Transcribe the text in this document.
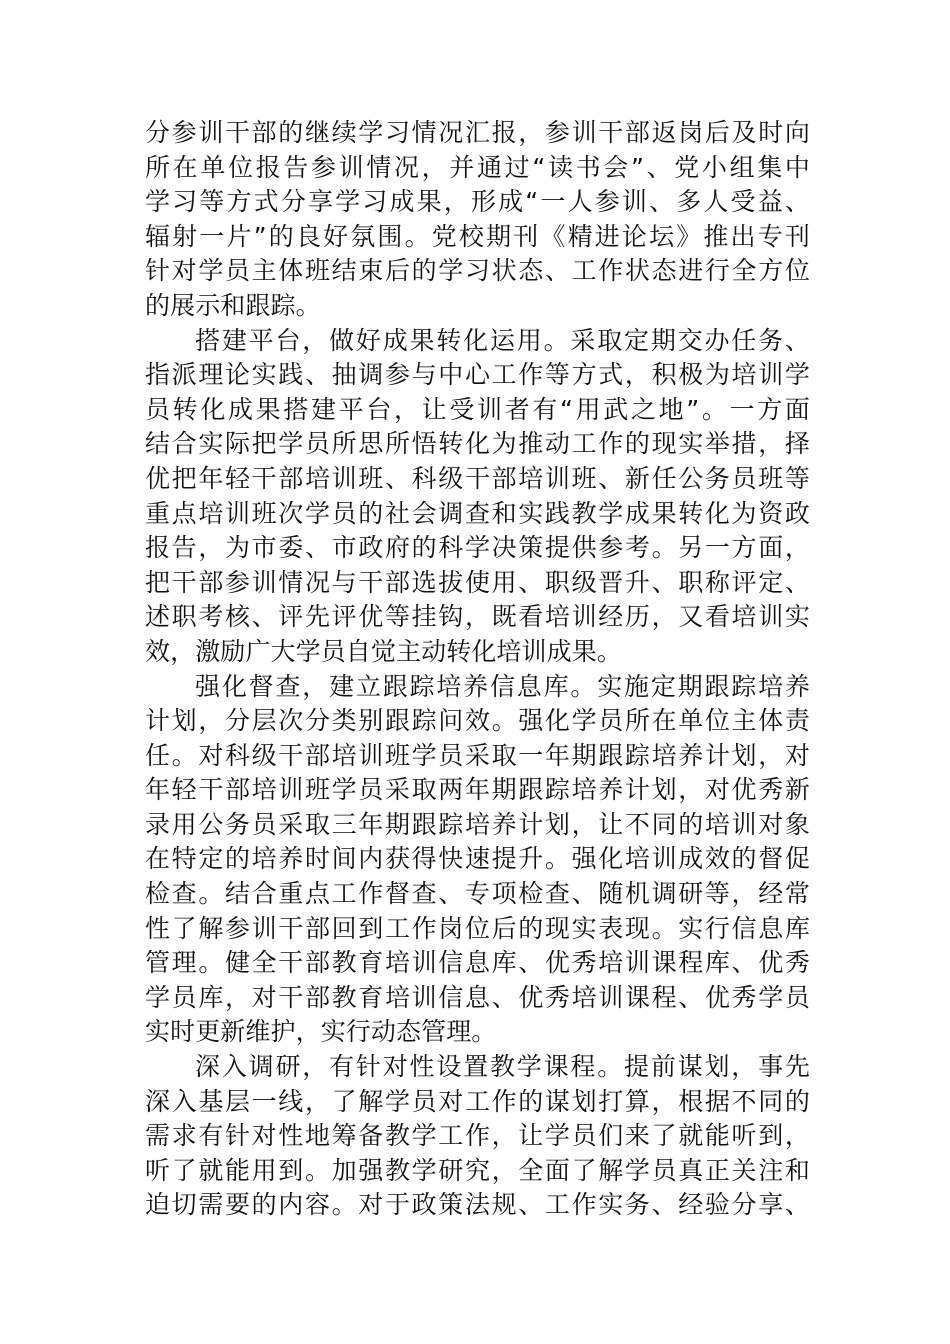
分参训干部的继续学习情况汇报，参训干部返岗后及时向
所在单位报告参训情况，并通过“读书会”、党小组集中
学习等方式分享学习成果，形成“一人参训、多人受益、
辐射一片”的良好氛围。党校期刊《精进论坛》推出专刊
针对学员主体班结束后的学习状态、工作状态进行全方位
的展示和跟踪。
搭建平台，做好成果转化运用。采取定期交办任务、
指派理论实践、抽调参与中心工作等方式，积极为培训学
员转化成果搭建平台，让受训者有“用武之地”。一方面
结合实际把学员所思所悟转化为推动工作的现实举措，择
优把年轻干部培训班、科级干部培训班、新任公务员班等
重点培训班次学员的社会调查和实践教学成果转化为资政
报告，为市委、市政府的科学决策提供参考。另一方面，
把干部参训情况与干部选拔使用、职级晋升、职称评定、
述职考核、评先评优等挂钩，既看培训经历，又看培训实
效，激励广大学员自觉主动转化培训成果。
强化督查，建立跟踪培养信息库。实施定期跟踪培养
计划，分层次分类别跟踪问效。强化学员所在单位主体责
任。对科级干部培训班学员采取一年期跟踪培养计划，对
年轻干部培训班学员采取两年期跟踪培养计划，对优秀新
录用公务员采取三年期跟踪培养计划，让不同的培训对象
在特定的培养时间内获得快速提升。强化培训成效的督促
检查。结合重点工作督查、专项检查、随机调研等，经常
性了解参训干部回到工作岗位后的现实表现。实行信息库
管理。健全干部教育培训信息库、优秀培训课程库、优秀
学员库，对干部教育培训信息、优秀培训课程、优秀学员
实时更新维护，实行动态管理。
深入调研，有针对性设置教学课程。提前谋划，事先
深入基层一线，了解学员对工作的谋划打算，根据不同的
需求有针对性地筹备教学工作，让学员们来了就能听到，
听了就能用到。加强教学研究，全面了解学员真正关注和
迫切需要的内容。对于政策法规、工作实务、经验分享、
